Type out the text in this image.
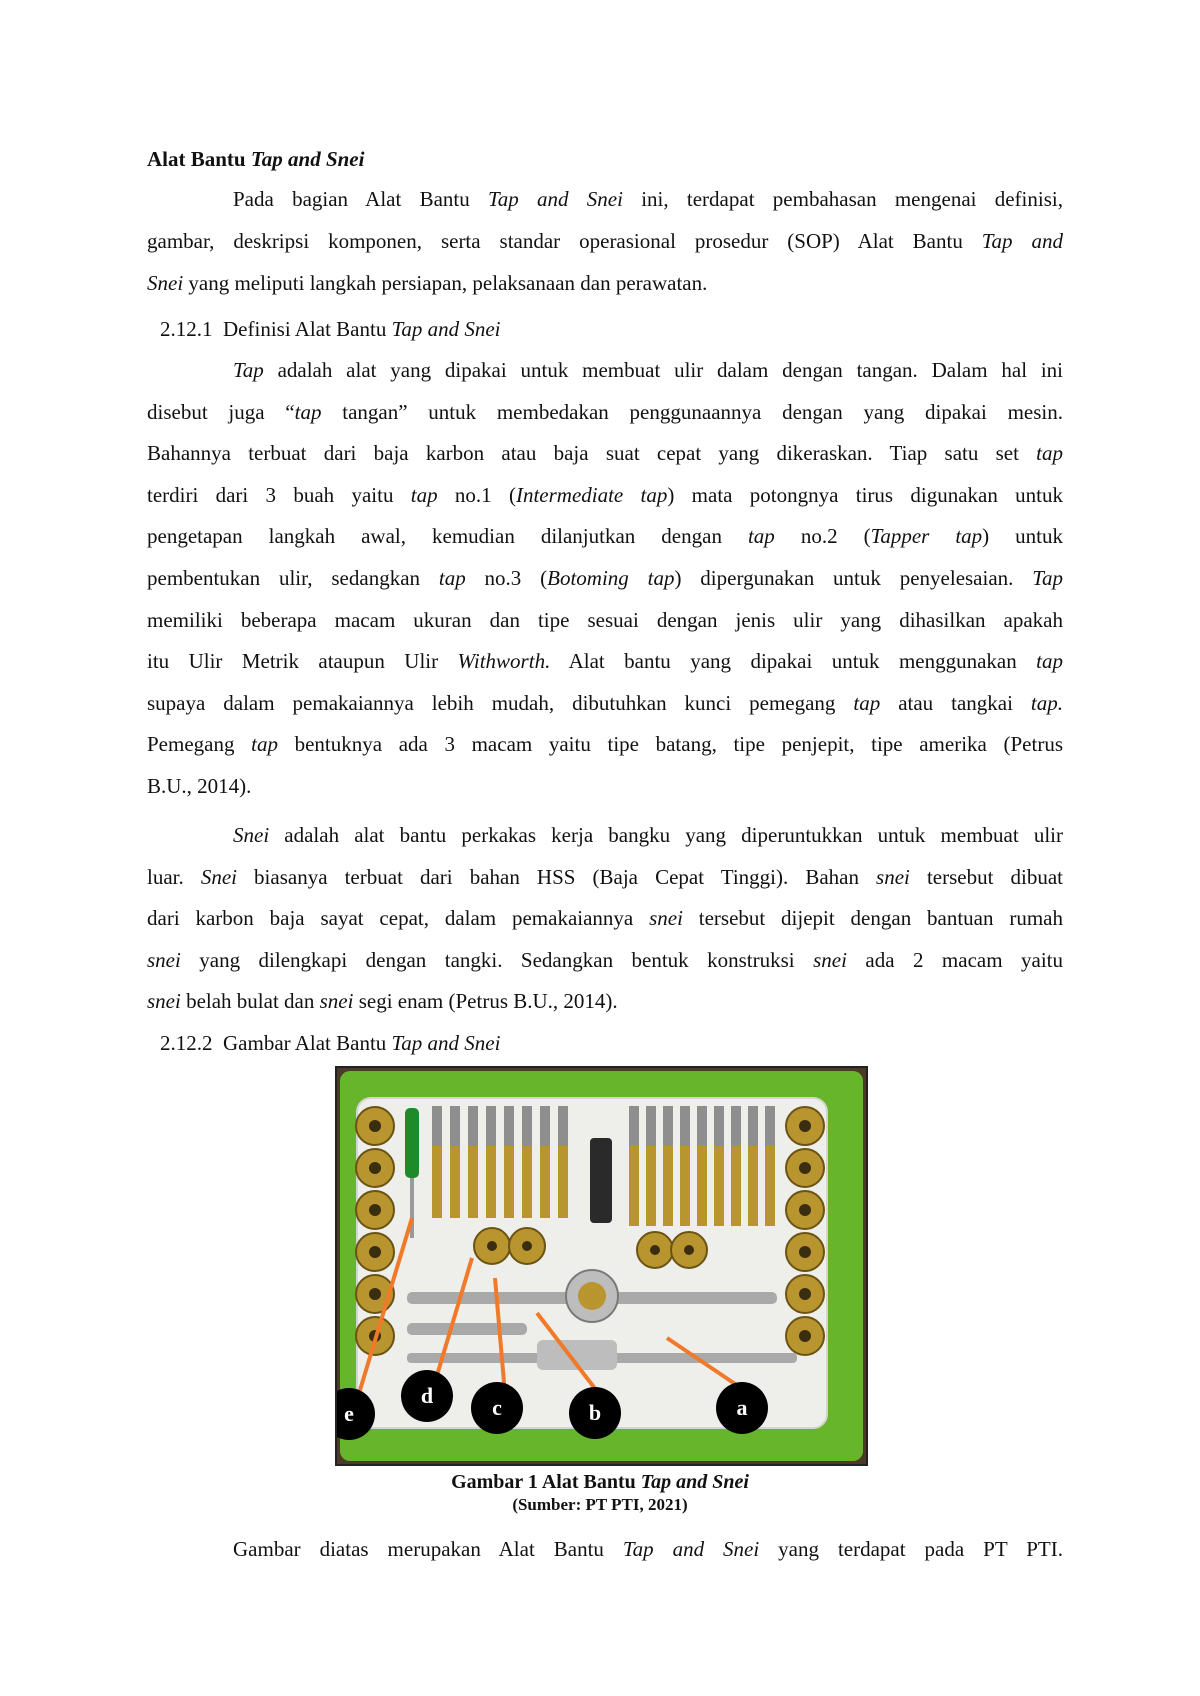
Alat Bantu Tap and Snei
Pada bagian Alat Bantu Tap and Snei ini, terdapat pembahasan mengenai definisi,
gambar, deskripsi komponen, serta standar operasional prosedur (SOP) Alat Bantu Tap and
Snei yang meliputi langkah persiapan, pelaksanaan dan perawatan.
2.12.1 Definisi Alat Bantu Tap and Snei
Tap adalah alat yang dipakai untuk membuat ulir dalam dengan tangan. Dalam hal ini
disebut juga “tap tangan” untuk membedakan penggunaannya dengan yang dipakai mesin.
Bahannya terbuat dari baja karbon atau baja suat cepat yang dikeraskan. Tiap satu set tap
terdiri dari 3 buah yaitu tap no.1 (Intermediate tap) mata potongnya tirus digunakan untuk
pengetapan langkah awal, kemudian dilanjutkan dengan tap no.2 (Tapper tap) untuk
pembentukan ulir, sedangkan tap no.3 (Botoming tap) dipergunakan untuk penyelesaian. Tap
memiliki beberapa macam ukuran dan tipe sesuai dengan jenis ulir yang dihasilkan apakah
itu Ulir Metrik ataupun Ulir Withworth. Alat bantu yang dipakai untuk menggunakan tap
supaya dalam pemakaiannya lebih mudah, dibutuhkan kunci pemegang tap atau tangkai tap.
Pemegang tap bentuknya ada 3 macam yaitu tipe batang, tipe penjepit, tipe amerika (Petrus
B.U., 2014).
Snei adalah alat bantu perkakas kerja bangku yang diperuntukkan untuk membuat ulir
luar. Snei biasanya terbuat dari bahan HSS (Baja Cepat Tinggi). Bahan snei tersebut dibuat
dari karbon baja sayat cepat, dalam pemakaiannya snei tersebut dijepit dengan bantuan rumah
snei yang dilengkapi dengan tangki. Sedangkan bentuk konstruksi snei ada 2 macam yaitu
snei belah bulat dan snei segi enam (Petrus B.U., 2014).
2.12.2 Gambar Alat Bantu Tap and Snei
e
d	c	b	a
Gambar 1 Alat Bantu Tap and Snei
(Sumber: PT PTI, 2021)
Gambar diatas merupakan Alat Bantu Tap and Snei yang terdapat pada PT PTI.
